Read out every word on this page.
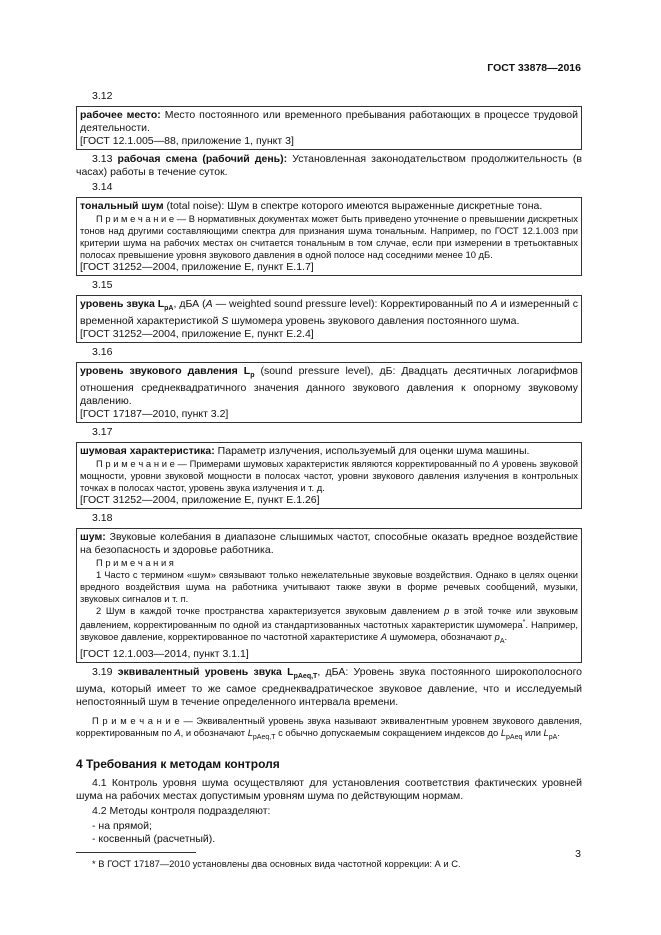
ГОСТ 33878—2016
3.12

рабочее место: Место постоянного или временного пребывания работающих в процессе трудовой деятельности.

[ГОСТ 12.1.005—88, приложение 1, пункт 3]

3.13 рабочая смена (рабочий день): Установленная законодательством продолжительность (в часах) работы в течение суток.

3.14

тональный шум (total noise): Шум в спектре которого имеются выраженные дискретные тона.

П р и м е ч а н и е — В нормативных документах может быть приведено уточнение о превышении дискретных тонов над другими составляющими спектра для признания шума тональным. Например, по ГОСТ 12.1.003 при критерии шума на рабочих местах он считается тональным в том случае, если при измерении в третьоктавных полосах превышение уровня звукового давления в одной полосе над соседними менее 10 дБ.

[ГОСТ 31252—2004, приложение Е, пункт Е.1.7]

3.15

уровень звука $L_{pA}$, дБА (A — weighted sound pressure level): Корректированный по A и измеренный с временной характеристикой S шумомера уровень звукового давления постоянного шума.

[ГОСТ 31252—2004, приложение Е, пункт Е.2.4]

3.16

уровень звукового давления $L_p$ (sound pressure level), дБ: Двадцать десятичных логарифмов отношения среднеквадратичного значения данного звукового давления к опорному звуковому давлению.

[ГОСТ 17187—2010, пункт 3.2]

3.17

шумовая характеристика: Параметр излучения, используемый для оценки шума машины.

П р и м е ч а н и е — Примерами шумовых характеристик являются корректированный по A уровень звуковой мощности, уровни звуковой мощности в полосах частот, уровни звукового давления излучения в контрольных точках в полосах частот, уровень звука излучения и т. д.

[ГОСТ 31252—2004, приложение Е, пункт Е.1.26]

3.18

шум: Звуковые колебания в диапазоне слышимых частот, способные оказать вредное воздействие на безопасность и здоровье работника.

П р и м е ч а н и я

1 Часто с термином «шум» связывают только нежелательные звуковые воздействия. Однако в целях оценки вредного воздействия шума на работника учитывают также звуки в форме речевых сообщений, музыки, звуковых сигналов и т. п.

2 Шум в каждой точке пространства характеризуется звуковым давлением p в этой точке или звуковым давлением, корректированным по одной из стандартизованных частотных характеристик шумомера*. Например, звуковое давление, корректированное по частотной характеристике A шумомера, обозначают $p_A$.

[ГОСТ 12.1.003—2014, пункт 3.1.1]

3.19 эквивалентный уровень звука $L_{pAeq,T}$, дБА: Уровень звука постоянного широкополосного шума, который имеет то же самое среднеквадратическое звуковое давление, что и исследуемый непостоянный шум в течение определенного интервала времени.

П р и м е ч а н и е — Эквивалентный уровень звука называют эквивалентным уровнем звукового давления, корректированным по A, и обозначают $L_{pAeq,T}$ с обычно допускаемым сокращением индексов до $L_{pAeq}$ или $L_{pA}$.

4 Требования к методам контроля

4.1 Контроль уровня шума осуществляют для установления соответствия фактических уровней шума на рабочих местах допустимым уровням шума по действующим нормам.

4.2 Методы контроля подразделяют:

- на прямой;

- косвенный (расчетный).

* В ГОСТ 17187—2010 установлены два основных вида частотной коррекции: А и С.
3
